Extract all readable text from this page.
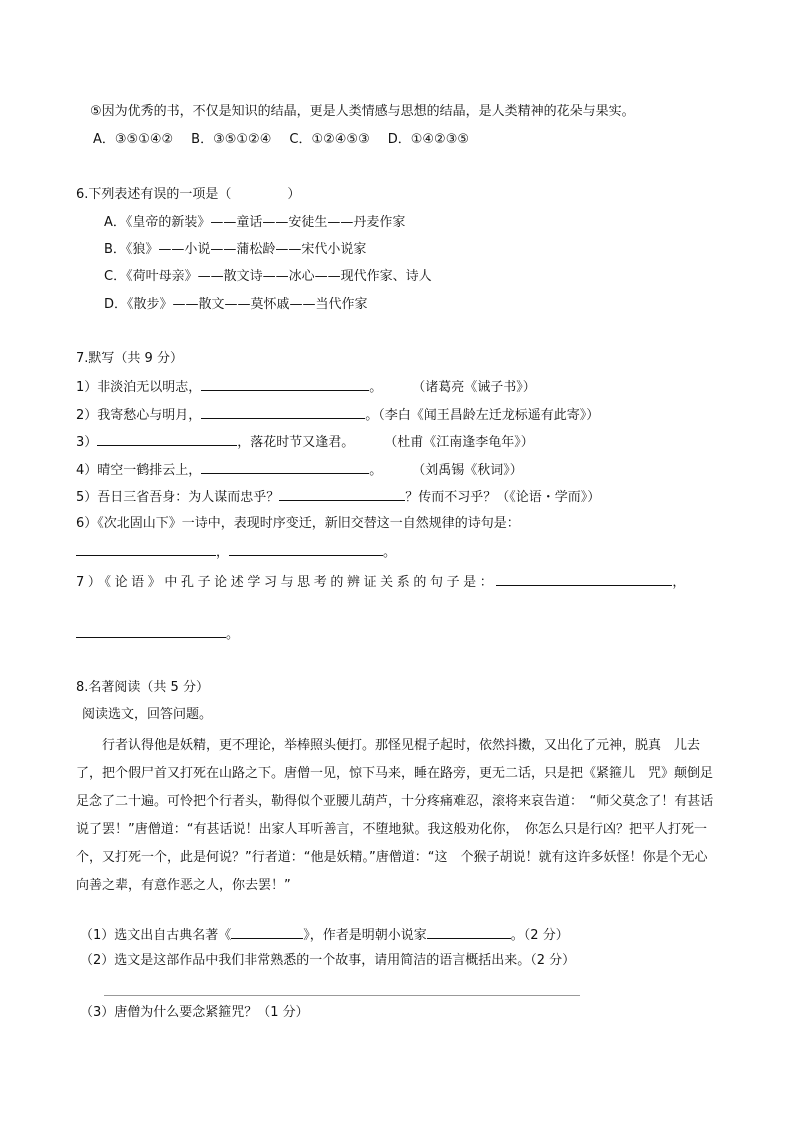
⑤因为优秀的书，不仅是知识的结晶，更是人类情感与思想的结晶，是人类精神的花朵与果实。
A．③⑤①④② B．③⑤①②④ C．①②④⑤③ D．①④②③⑤
6.下列表述有误的一项是（	）
A．《皇帝的新装》——童话——安徒生——丹麦作家
B．《狼》——小说——蒲松龄——宋代小说家
C．《荷叶母亲》——散文诗——冰心——现代作家、诗人
D．《散步》——散文——莫怀戚——当代作家
7.默写（共 9 分）
1）非淡泊无以明志，	。 （诸葛亮《诫子书》）
2）我寄愁心与明月，	。（李白《闻王昌龄左迁龙标遥有此寄》）
3）	，落花时节又逢君。 （杜甫《江南逢李龟年》）
4）晴空一鹤排云上，	。 （刘禹锡《秋词》）
5）吾日三省吾身：为人谋而忠乎？	？传而不习乎？（《论语・学而》）
6）《次北固山下》一诗中，表现时序变迁，新旧交替这一自然规律的诗句是：
，	。
7）《论语》中孔子论述学习与思考的辨证关系的句子是：	，
。
8.名著阅读（共 5 分）
阅读选文，回答问题。
行者认得他是妖精，更不理论，举棒照头便打。那怪见棍子起时，依然抖擞，又出化了元神，脱真　儿去了，把个假尸首又打死在山路之下。唐僧一见，惊下马来，睡在路旁，更无二话，只是把《紧箍儿　咒》颠倒足足念了二十遍。可怜把个行者头，勒得似个亚腰儿葫芦，十分疼痛难忍，滚将来哀告道：　“师父莫念了！有甚话说了罢！”唐僧道：“有甚话说！出家人耳听善言，不堕地狱。我这般劝化你，　你怎么只是行凶？把平人打死一个，又打死一个，此是何说？”行者道：“他是妖精。”唐僧道：“这　个猴子胡说！就有这许多妖怪！你是个无心向善之辈，有意作恶之人，你去罢！”
（1）选文出自古典名著《	》，作者是明朝小说家	。（2 分）
（2）选文是这部作品中我们非常熟悉的一个故事，请用简洁的语言概括出来。（2 分）
（3）唐僧为什么要念紧箍咒？（1 分）
